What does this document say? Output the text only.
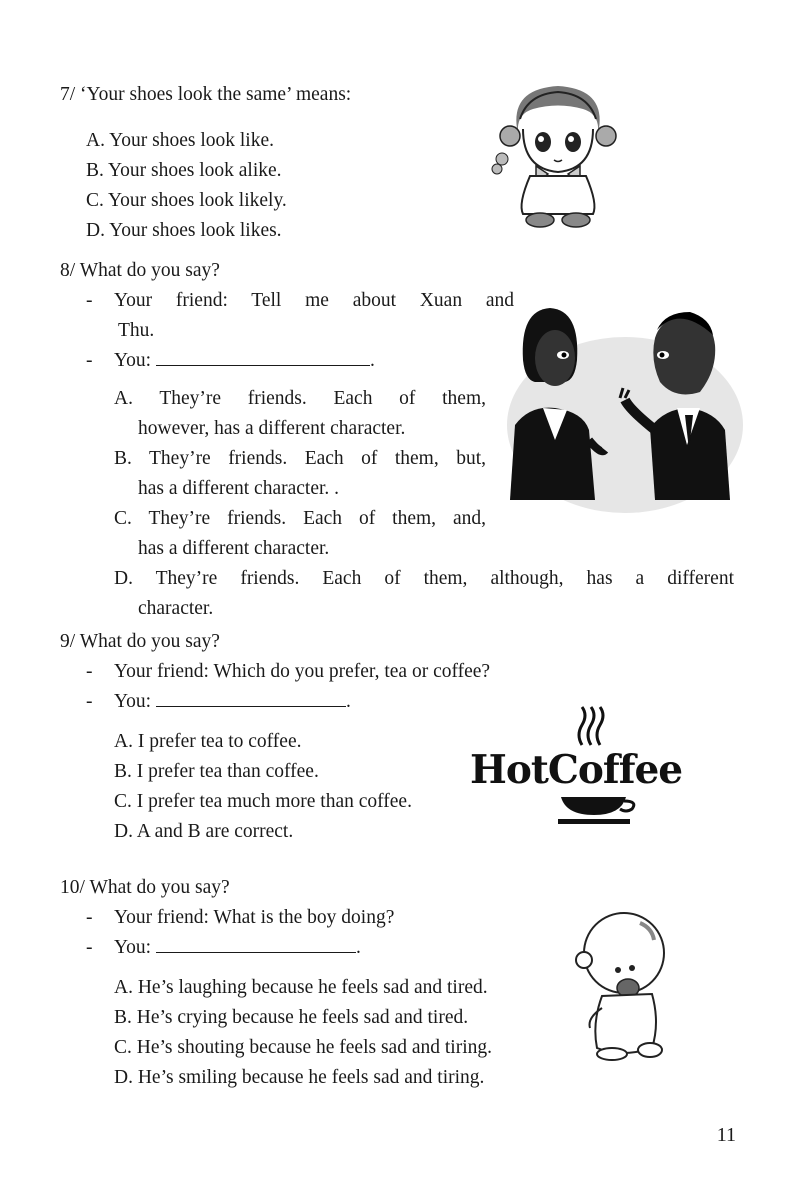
7/ ‘Your shoes look the same’ means:
A. Your shoes look like.
B. Your shoes look alike.
C. Your shoes look likely.
D. Your shoes look likes.
8/ What do you say?
-	Your friend: Tell me about Xuan and
Thu.
-	You:	.
A. They’re friends. Each of them,
however, has a different character.
B. They’re friends. Each of them, but,
has a different character. .
C. They’re friends. Each of them, and,
has a different character.
D. They’re friends. Each of them, although, has a different
character.
9/ What do you say?
-	Your friend: Which do you prefer, tea or coffee?
-	You:	.
A. I prefer tea to coffee.
B. I prefer tea than coffee.
C. I prefer tea much more than coffee.
D. A and B are correct.
HotCoffee
10/ What do you say?
-	Your friend: What is the boy doing?
-	You:	.
A. He’s laughing because he feels sad and tired.
B. He’s crying because he feels sad and tired.
C. He’s shouting because he feels sad and tiring.
D. He’s smiling because he feels sad and tiring.
11
